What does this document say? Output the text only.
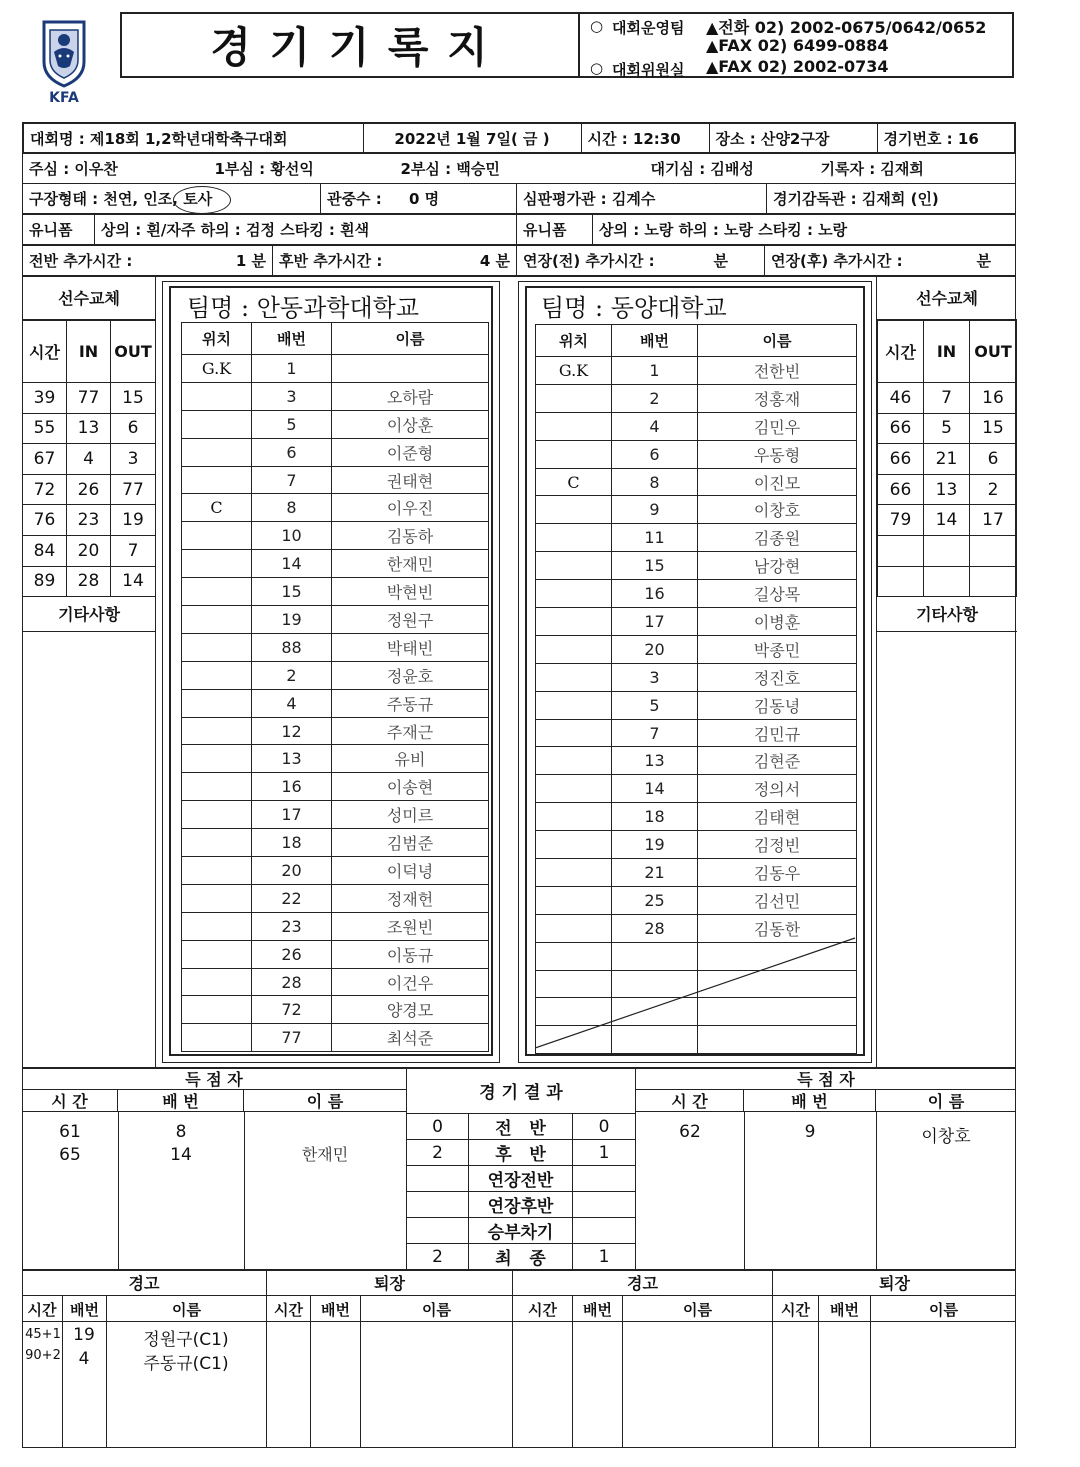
KFA
경 기 기 록 지	○ 대회운영팀 ▲전화 02) 2002-0675/0642/0652
▲FAX 02) 6499-0884
○ 대회위원실 ▲FAX 02) 2002-0734
대회명 : 제18회 1,2학년대학축구대회	2022년 1월 7일( 금 )	시간 : 12:30	장소 : 산양2구장	경기번호 : 16
주심 : 이우찬	1부심 : 황선익	2부심 : 백승민	대기심 : 김배성	기록자 : 김재희
구장형태 : 천연, 인조, 토사	관중수 : 0 명	심판평가관 : 김계수	경기감독관 : 김재희 (인)
유니폼	상의 : 흰/자주 하의 : 검정 스타킹 : 흰색	유니폼	상의 : 노랑 하의 : 노랑 스타킹 : 노랑
전반 추가시간 :	1 분	후반 추가시간 :	4 분	연장(전) 추가시간 :	분	연장(후) 추가시간 :	분
선수교체
시간	IN	OUT
39	77	15
55	13	6
67	4	3
72	26	77
76	23	19
84	20	7
89	28	14
기타사항
팀명 : 안동과학대학교
위치	배번	이름
G.K	1	
	3	오하람
	5	이상훈
	6	이준형
	7	권태현
C	8	이우진
	10	김동하
	14	한재민
	15	박현빈
	19	정원구
	88	박태빈
	2	정윤호
	4	주동규
	12	주재근
	13	유비
	16	이송현
	17	성미르
	18	김범준
	20	이덕녕
	22	정재헌
	23	조원빈
	26	이동규
	28	이건우
	72	양경모
	77	최석준
팀명 : 동양대학교
위치	배번	이름
G.K	1	전한빈
	2	정홍재
	4	김민우
	6	우동형
C	8	이진모
	9	이창호
	11	김종원
	15	남강현
	16	길상목
	17	이병훈
	20	박종민
	3	정진호
	5	김동녕
	7	김민규
	13	김현준
	14	정의서
	18	김태현
	19	김정빈
	21	김동우
	25	김선민
	28	김동한

선수교체
시간	IN	OUT
46	7	16
66	5	15
66	21	6
66	13	2
79	14	17

기타사항
득 점 자
시 간	배 번	이 름
61	8
65	14	한재민
경 기 결 과
0	전   반	0
2	후   반	1
	연장전반	
	연장후반	
	승부차기	
2	최   종	1
득 점 자
시 간	배 번	이 름
62	9	이창호
경고	퇴장	경고	퇴장
시간 배번	이름	시간	배번	이름	시간	배번	이름	시간	배번	이름
45+1 19	정원구(C1)
90+2	4	주동규(C1)
